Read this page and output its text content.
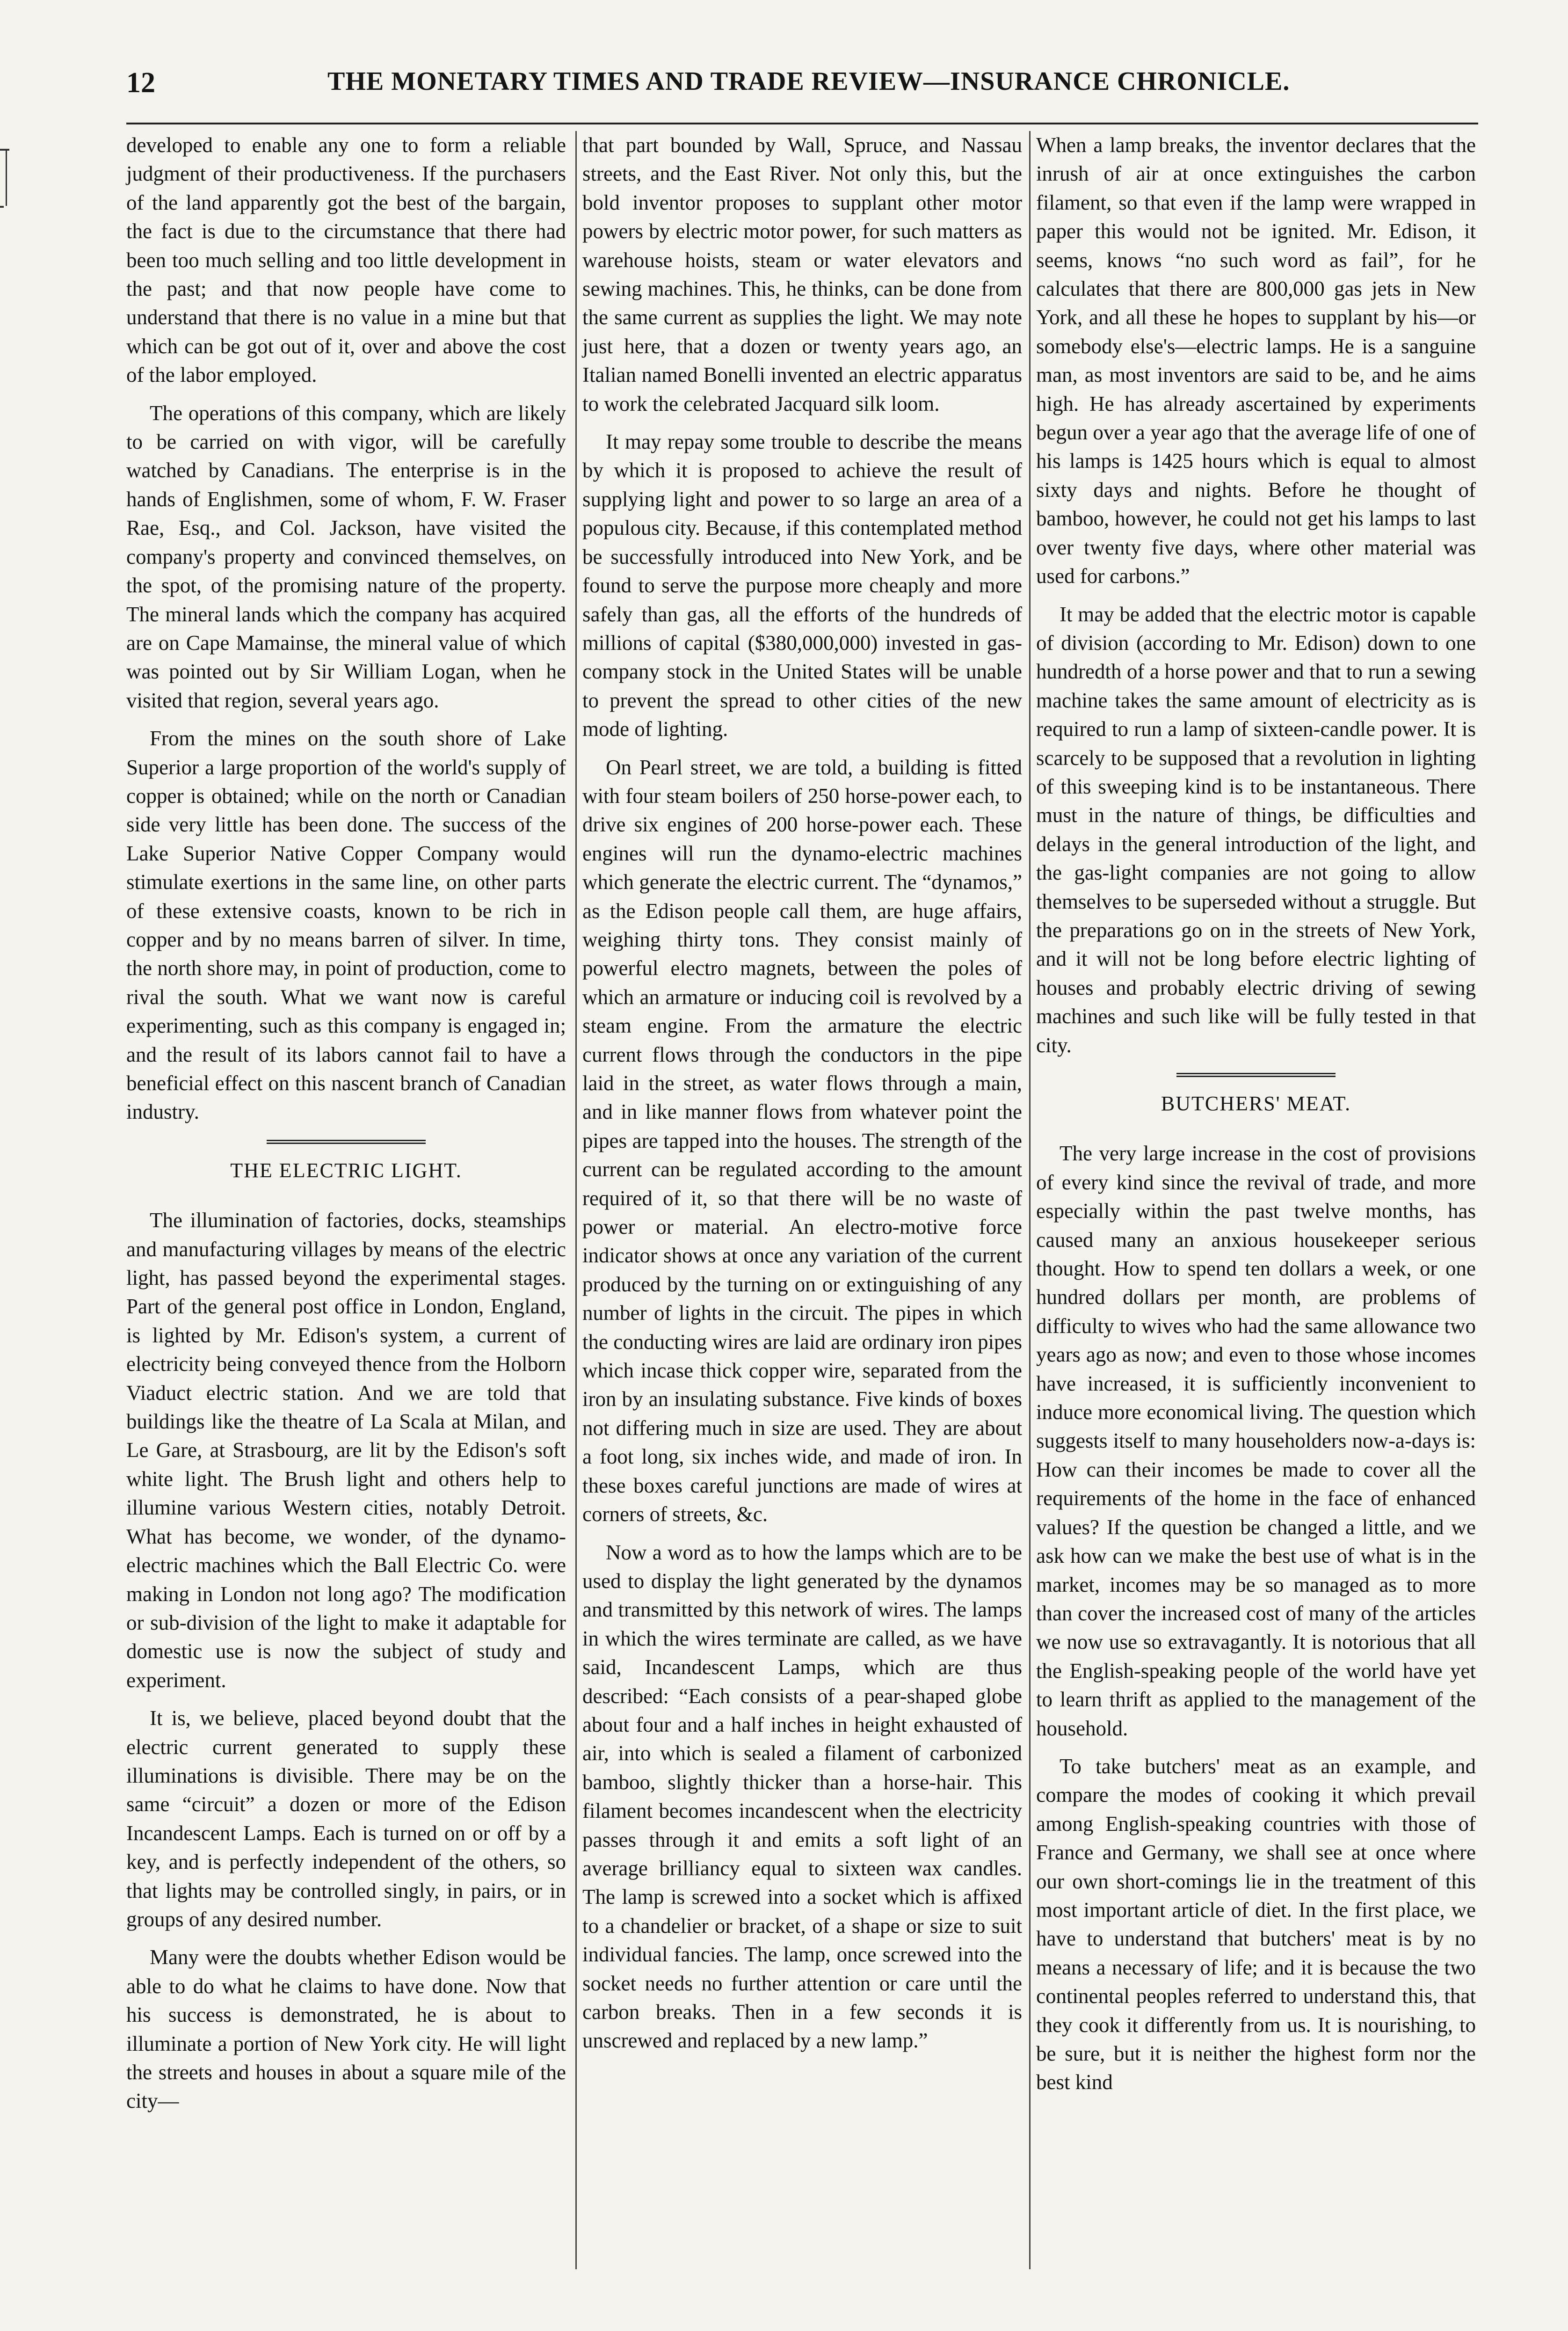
12	THE MONETARY TIMES AND TRADE REVIEW—INSURANCE CHRONICLE.

developed to enable any one to form a reliable judgment of their productiveness. If the purchasers of the land apparently got the best of the bargain, the fact is due to the circumstance that there had been too much selling and too little development in the past; and that now people have come to understand that there is no value in a mine but that which can be got out of it, over and above the cost of the labor employed.

The operations of this company, which are likely to be carried on with vigor, will be carefully watched by Canadians. The enterprise is in the hands of Englishmen, some of whom, F. W. Fraser Rae, Esq., and Col. Jackson, have visited the company's property and convinced themselves, on the spot, of the promising nature of the property. The mineral lands which the company has acquired are on Cape Mamainse, the mineral value of which was pointed out by Sir William Logan, when he visited that region, several years ago.

From the mines on the south shore of Lake Superior a large proportion of the world's supply of copper is obtained; while on the north or Canadian side very little has been done. The success of the Lake Superior Native Copper Company would stimulate exertions in the same line, on other parts of these extensive coasts, known to be rich in copper and by no means barren of silver. In time, the north shore may, in point of production, come to rival the south. What we want now is careful experimenting, such as this company is engaged in; and the result of its labors cannot fail to have a beneficial effect on this nascent branch of Canadian industry.

THE ELECTRIC LIGHT.

The illumination of factories, docks, steamships and manufacturing villages by means of the electric light, has passed beyond the experimental stages. Part of the general post office in London, England, is lighted by Mr. Edison's system, a current of electricity being conveyed thence from the Holborn Viaduct electric station. And we are told that buildings like the theatre of La Scala at Milan, and Le Gare, at Strasbourg, are lit by the Edison's soft white light. The Brush light and others help to illumine various Western cities, notably Detroit. What has become, we wonder, of the dynamo-electric machines which the Ball Electric Co. were making in London not long ago? The modification or sub-division of the light to make it adaptable for domestic use is now the subject of study and experiment.

It is, we believe, placed beyond doubt that the electric current generated to supply these illuminations is divisible. There may be on the same “circuit” a dozen or more of the Edison Incandescent Lamps. Each is turned on or off by a key, and is perfectly independent of the others, so that lights may be controlled singly, in pairs, or in groups of any desired number.

Many were the doubts whether Edison would be able to do what he claims to have done. Now that his success is demonstrated, he is about to illuminate a portion of New York city. He will light the streets and houses in about a square mile of the city—

that part bounded by Wall, Spruce, and Nassau streets, and the East River. Not only this, but the bold inventor proposes to supplant other motor powers by electric motor power, for such matters as warehouse hoists, steam or water elevators and sewing machines. This, he thinks, can be done from the same current as supplies the light. We may note just here, that a dozen or twenty years ago, an Italian named Bonelli invented an electric apparatus to work the celebrated Jacquard silk loom.

It may repay some trouble to describe the means by which it is proposed to achieve the result of supplying light and power to so large an area of a populous city. Because, if this contemplated method be successfully introduced into New York, and be found to serve the purpose more cheaply and more safely than gas, all the efforts of the hundreds of millions of capital ($380,000,000) invested in gas-company stock in the United States will be unable to prevent the spread to other cities of the new mode of lighting.

On Pearl street, we are told, a building is fitted with four steam boilers of 250 horse-power each, to drive six engines of 200 horse-power each. These engines will run the dynamo-electric machines which generate the electric current. The “dynamos,” as the Edison people call them, are huge affairs, weighing thirty tons. They consist mainly of powerful electro magnets, between the poles of which an armature or inducing coil is revolved by a steam engine. From the armature the electric current flows through the conductors in the pipe laid in the street, as water flows through a main, and in like manner flows from whatever point the pipes are tapped into the houses. The strength of the current can be regulated according to the amount required of it, so that there will be no waste of power or material. An electro-motive force indicator shows at once any variation of the current produced by the turning on or extinguishing of any number of lights in the circuit. The pipes in which the conducting wires are laid are ordinary iron pipes which incase thick copper wire, separated from the iron by an insulating substance. Five kinds of boxes not differing much in size are used. They are about a foot long, six inches wide, and made of iron. In these boxes careful junctions are made of wires at corners of streets, &c.

Now a word as to how the lamps which are to be used to display the light generated by the dynamos and transmitted by this network of wires. The lamps in which the wires terminate are called, as we have said, Incandescent Lamps, which are thus described: “Each consists of a pear-shaped globe about four and a half inches in height exhausted of air, into which is sealed a filament of carbonized bamboo, slightly thicker than a horse-hair. This filament becomes incandescent when the electricity passes through it and emits a soft light of an average brilliancy equal to sixteen wax candles. The lamp is screwed into a socket which is affixed to a chandelier or bracket, of a shape or size to suit individual fancies. The lamp, once screwed into the socket needs no further attention or care until the carbon breaks. Then in a few seconds it is unscrewed and replaced by a new lamp.”

When a lamp breaks, the inventor declares that the inrush of air at once extinguishes the carbon filament, so that even if the lamp were wrapped in paper this would not be ignited. Mr. Edison, it seems, knows “no such word as fail”, for he calculates that there are 800,000 gas jets in New York, and all these he hopes to supplant by his—or somebody else's—electric lamps. He is a sanguine man, as most inventors are said to be, and he aims high. He has already ascertained by experiments begun over a year ago that the average life of one of his lamps is 1425 hours which is equal to almost sixty days and nights. Before he thought of bamboo, however, he could not get his lamps to last over twenty five days, where other material was used for carbons.”

It may be added that the electric motor is capable of division (according to Mr. Edison) down to one hundredth of a horse power and that to run a sewing machine takes the same amount of electricity as is required to run a lamp of sixteen-candle power. It is scarcely to be supposed that a revolution in lighting of this sweeping kind is to be instantaneous. There must in the nature of things, be difficulties and delays in the general introduction of the light, and the gas-light companies are not going to allow themselves to be superseded without a struggle. But the preparations go on in the streets of New York, and it will not be long before electric lighting of houses and probably electric driving of sewing machines and such like will be fully tested in that city.

BUTCHERS' MEAT.

The very large increase in the cost of provisions of every kind since the revival of trade, and more especially within the past twelve months, has caused many an anxious housekeeper serious thought. How to spend ten dollars a week, or one hundred dollars per month, are problems of difficulty to wives who had the same allowance two years ago as now; and even to those whose incomes have increased, it is sufficiently inconvenient to induce more economical living. The question which suggests itself to many householders now-a-days is: How can their incomes be made to cover all the requirements of the home in the face of enhanced values? If the question be changed a little, and we ask how can we make the best use of what is in the market, incomes may be so managed as to more than cover the increased cost of many of the articles we now use so extravagantly. It is notorious that all the English-speaking people of the world have yet to learn thrift as applied to the management of the household.

To take butchers' meat as an example, and compare the modes of cooking it which prevail among English-speaking countries with those of France and Germany, we shall see at once where our own short-comings lie in the treatment of this most important article of diet. In the first place, we have to understand that butchers' meat is by no means a necessary of life; and it is because the two continental peoples referred to understand this, that they cook it differently from us. It is nourishing, to be sure, but it is neither the highest form nor the best kind
